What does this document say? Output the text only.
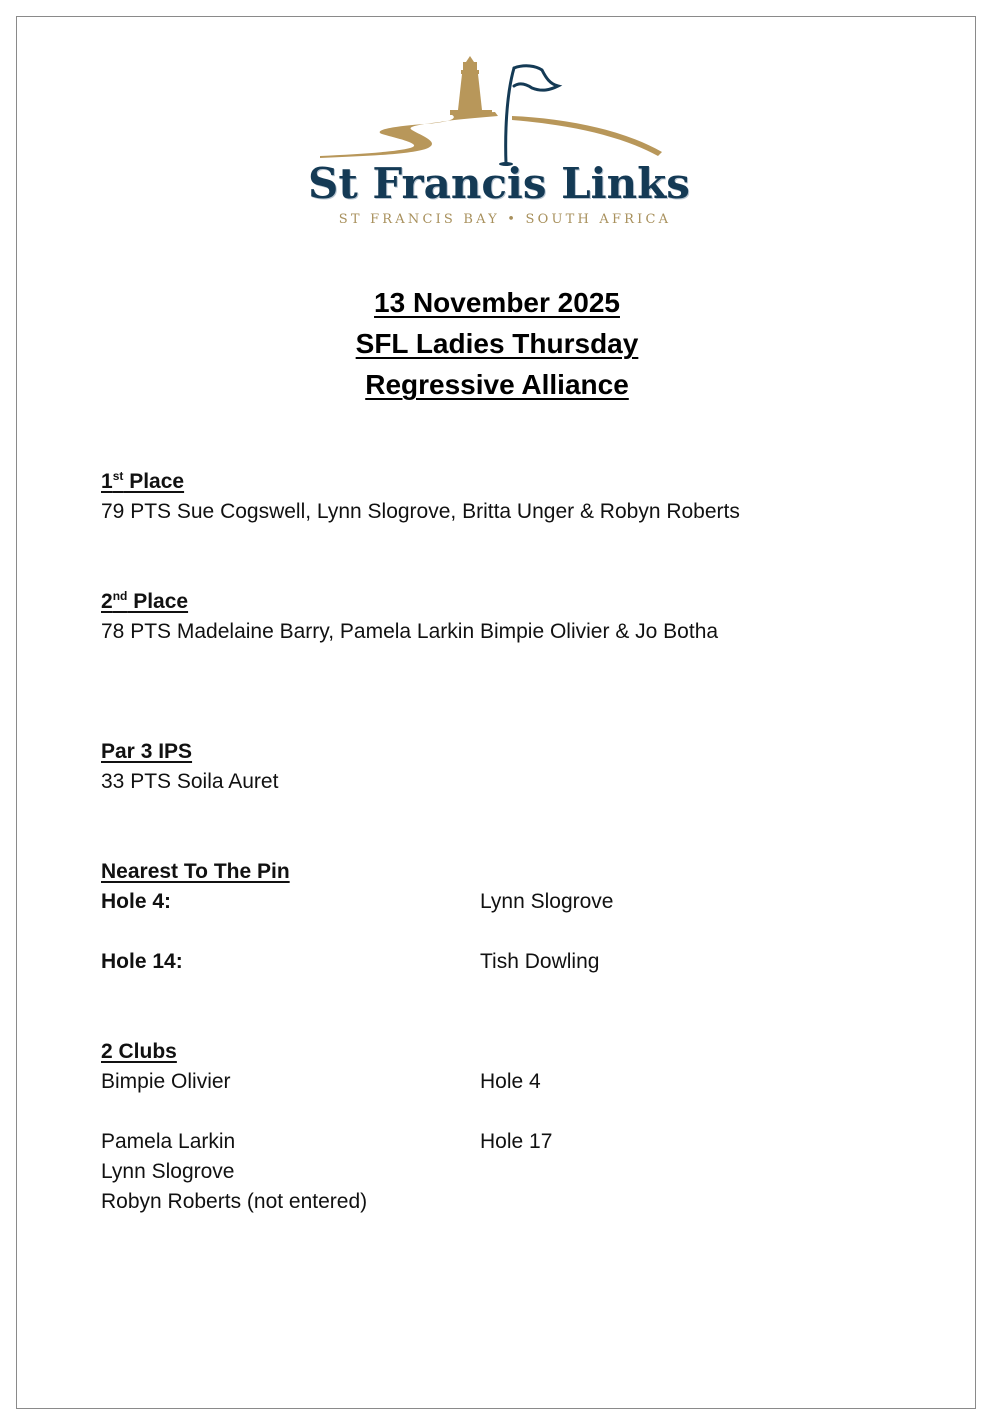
St Francis Links
ST FRANCIS BAY • SOUTH AFRICA
13 November 2025
SFL Ladies Thursday
Regressive Alliance
1st Place
79 PTS Sue Cogswell, Lynn Slogrove, Britta Unger & Robyn Roberts
2nd Place
78 PTS Madelaine Barry, Pamela Larkin Bimpie Olivier & Jo Botha
Par 3 IPS
33 PTS Soila Auret
Nearest To The Pin
Hole 4:	Lynn Slogrove
Hole 14:	Tish Dowling
2 Clubs
Bimpie Olivier	Hole 4
Pamela Larkin	Hole 17
Lynn Slogrove
Robyn Roberts (not entered)
